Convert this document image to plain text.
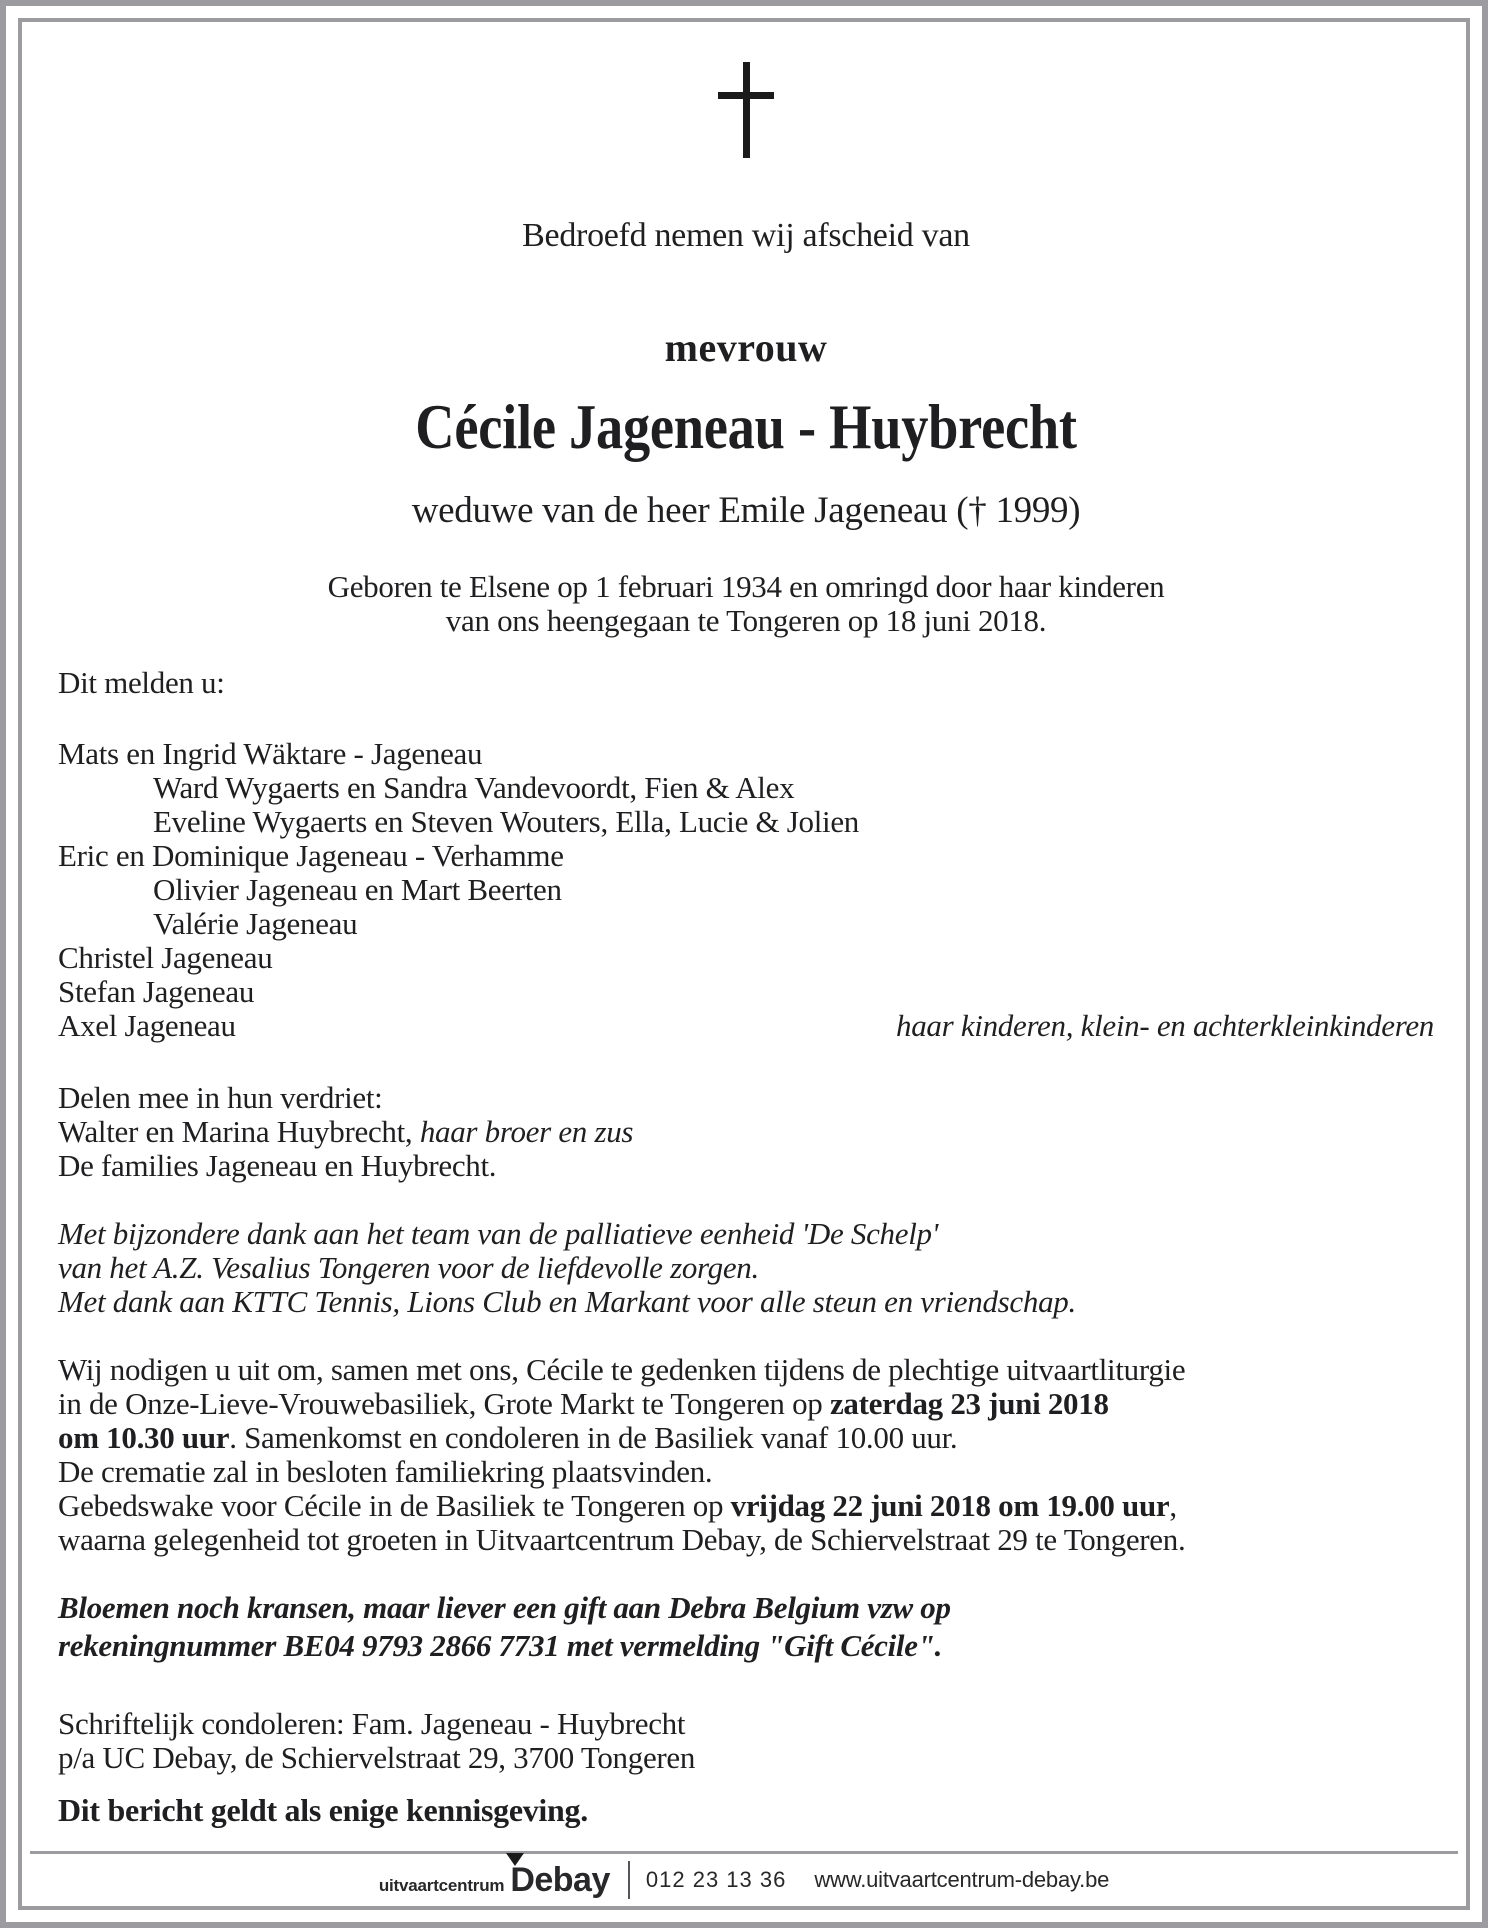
Bedroefd nemen wij afscheid van
mevrouw
Cécile Jageneau - Huybrecht
weduwe van de heer Emile Jageneau († 1999)
Geboren te Elsene op 1 februari 1934 en omringd door haar kinderen
van ons heengegaan te Tongeren op 18 juni 2018.
Dit melden u:
Mats en Ingrid Wäktare - Jageneau
Ward Wygaerts en Sandra Vandevoordt, Fien & Alex
Eveline Wygaerts en Steven Wouters, Ella, Lucie & Jolien
Eric en Dominique Jageneau - Verhamme
Olivier Jageneau en Mart Beerten
Valérie Jageneau
Christel Jageneau
Stefan Jageneau
Axel Jageneau	haar kinderen, klein- en achterkleinkinderen
Delen mee in hun verdriet:
Walter en Marina Huybrecht, haar broer en zus
De families Jageneau en Huybrecht.
Met bijzondere dank aan het team van de palliatieve eenheid 'De Schelp'
van het A.Z. Vesalius Tongeren voor de liefdevolle zorgen.
Met dank aan KTTC Tennis, Lions Club en Markant voor alle steun en vriendschap.
Wij nodigen u uit om, samen met ons, Cécile te gedenken tijdens de plechtige uitvaartliturgie
in de Onze-Lieve-Vrouwebasiliek, Grote Markt te Tongeren op zaterdag 23 juni 2018
om 10.30 uur. Samenkomst en condoleren in de Basiliek vanaf 10.00 uur.
De crematie zal in besloten familiekring plaatsvinden.
Gebedswake voor Cécile in de Basiliek te Tongeren op vrijdag 22 juni 2018 om 19.00 uur,
waarna gelegenheid tot groeten in Uitvaartcentrum Debay, de Schiervelstraat 29 te Tongeren.
Bloemen noch kransen, maar liever een gift aan Debra Belgium vzw op
rekeningnummer BE04 9793 2866 7731 met vermelding "Gift Cécile".
Schriftelijk condoleren: Fam. Jageneau - Huybrecht
p/a UC Debay, de Schiervelstraat 29, 3700 Tongeren
Dit bericht geldt als enige kennisgeving.
uitvaartcentrum Debay 012 23 13 36 www.uitvaartcentrum-debay.be
